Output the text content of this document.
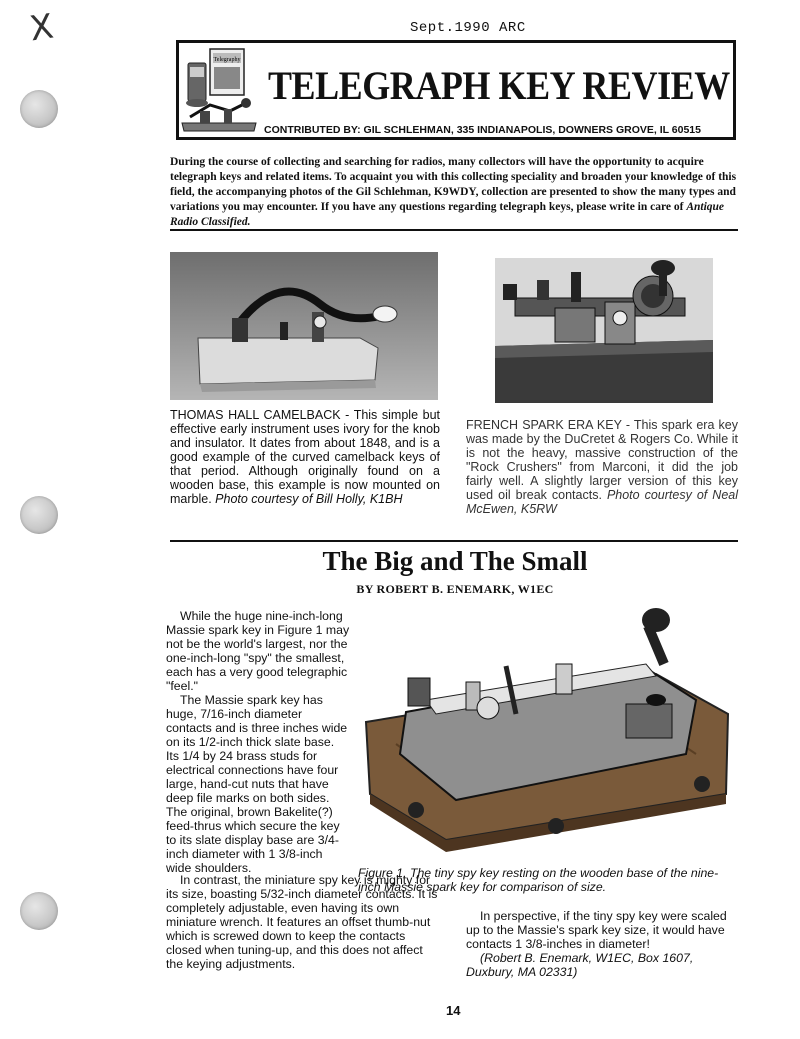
X	Sept.1990 ARC
Telegraphy
TELEGRAPH KEY REVIEW
CONTRIBUTED BY: GIL SCHLEHMAN, 335 INDIANAPOLIS, DOWNERS GROVE, IL 60515
During the course of collecting and searching for radios, many collectors will have the opportunity to acquire telegraph keys and related items. To acquaint you with this collecting speciality and broaden your knowledge of this field, the accompanying photos of the Gil Schlehman, K9WDY, collection are presented to show the many types and variations you may encounter. If you have any questions regarding telegraph keys, please write in care of Antique Radio Classified.
THOMAS HALL CAMELBACK - This simple but effective early instrument uses ivory for the knob and insulator. It dates from about 1848, and is a good example of the curved camelback keys of that period. Although originally found on a wooden base, this example is now mounted on marble. Photo courtesy of Bill Holly, K1BH
FRENCH SPARK ERA KEY - This spark era key was made by the DuCretet & Rogers Co. While it is not the heavy, massive construction of the "Rock Crushers" from Marconi, it did the job fairly well. A slightly larger version of this key used oil break contacts. Photo courtesy of Neal McEwen, K5RW
The Big and The Small
BY ROBERT B. ENEMARK, W1EC

While the huge nine-inch-long Massie spark key in Figure 1 may not be the world's largest, nor the one-inch-long "spy" the smallest, each has a very good telegraphic "feel."

The Massie spark key has huge, 7/16-inch diameter contacts and is three inches wide on its 1/2-inch thick slate base. Its 1/4 by 24 brass studs for electrical connections have four large, hand-cut nuts that have deep file marks on both sides. The original, brown Bakelite(?) feed-thrus which secure the key to its slate display base are 3/4-inch diameter with 1 3/8-inch wide shoulders.	Figure 1. The tiny spy key resting on the wooden base of the nine-inch Massie spark key for comparison of size.
In contrast, the miniature spy key is mighty for its size, boasting 5/32-inch diameter contacts. It is completely adjustable, even having its own miniature wrench. It features an offset thumb-nut which is screwed down to keep the contacts closed when tuning-up, and this does not affect the keying adjustments.

In perspective, if the tiny spy key were scaled up to the Massie's spark key size, it would have contacts 1 3/8-inches in diameter!

(Robert B. Enemark, W1EC, Box 1607, Duxbury, MA 02331)

14
